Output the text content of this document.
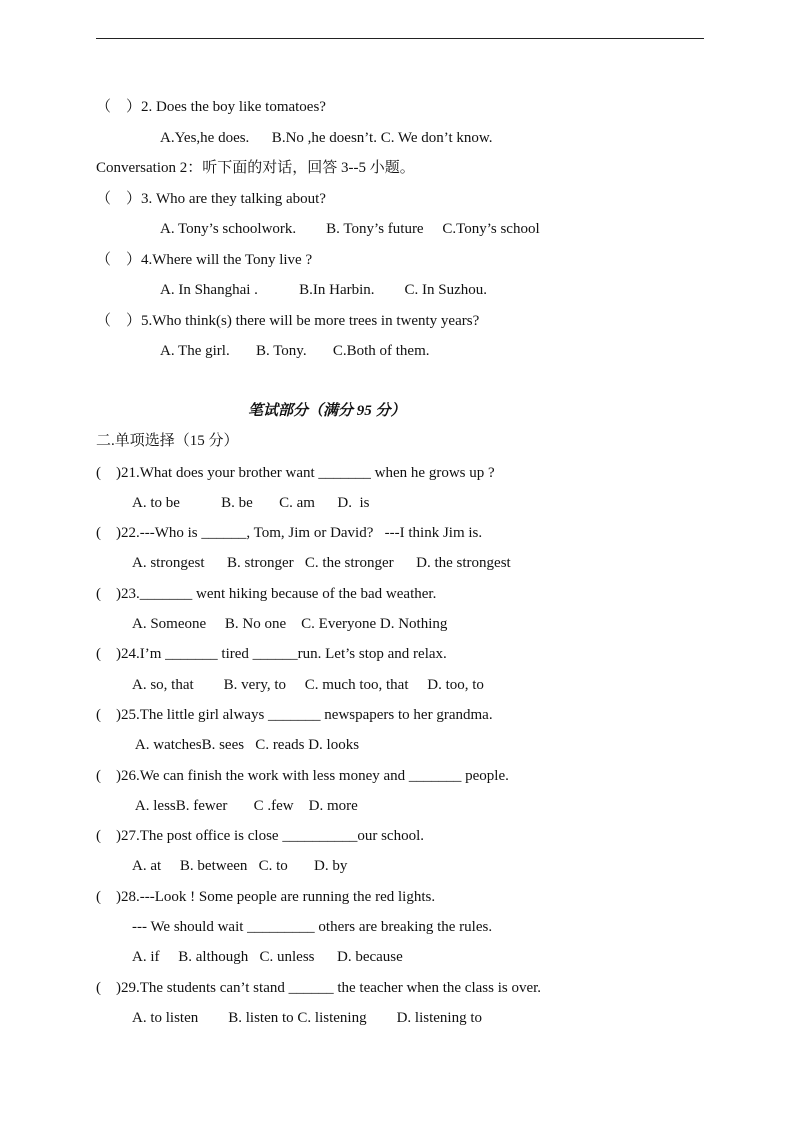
（　）2. Does the boy like tomatoes?
A.Yes,he does.      B.No ,he doesn’t. C. We don’t know.
Conversation 2：听下面的对话，回答 3--5 小题。
（　）3. Who are they talking about?
A. Tony’s schoolwork.        B. Tony’s future     C.Tony’s school
（　）4.Where will the Tony live ?
A. In Shanghai .           B.In Harbin.        C. In Suzhou.
（　）5.Who think(s) there will be more trees in twenty years?
A. The girl.       B. Tony.       C.Both of them.
笔试部分（满分 95 分）
二.单项选择（15 分）
(    )21.What does your brother want _______ when he grows up ?
A. to be           B. be       C. am      D.  is
(    )22.---Who is ______, Tom, Jim or David?   ---I think Jim is.
A. strongest      B. stronger   C. the stronger      D. the strongest
(    )23._______ went hiking because of the bad weather.
A. Someone     B. No one    C. Everyone D. Nothing
(    )24.I’m _______ tired ______run. Let’s stop and relax.
A. so, that        B. very, to     C. much too, that     D. too, to
(    )25.The little girl always _______ newspapers to her grandma.
A. watchesB. sees   C. reads D. looks
(    )26.We can finish the work with less money and _______ people.
A. lessB. fewer       C .few    D. more
(    )27.The post office is close __________our school.
A. at     B. between   C. to       D. by
(    )28.---Look ! Some people are running the red lights.
--- We should wait _________ others are breaking the rules.
A. if     B. although   C. unless      D. because
(    )29.The students can’t stand ______ the teacher when the class is over.
A. to listen        B. listen to C. listening        D. listening to
